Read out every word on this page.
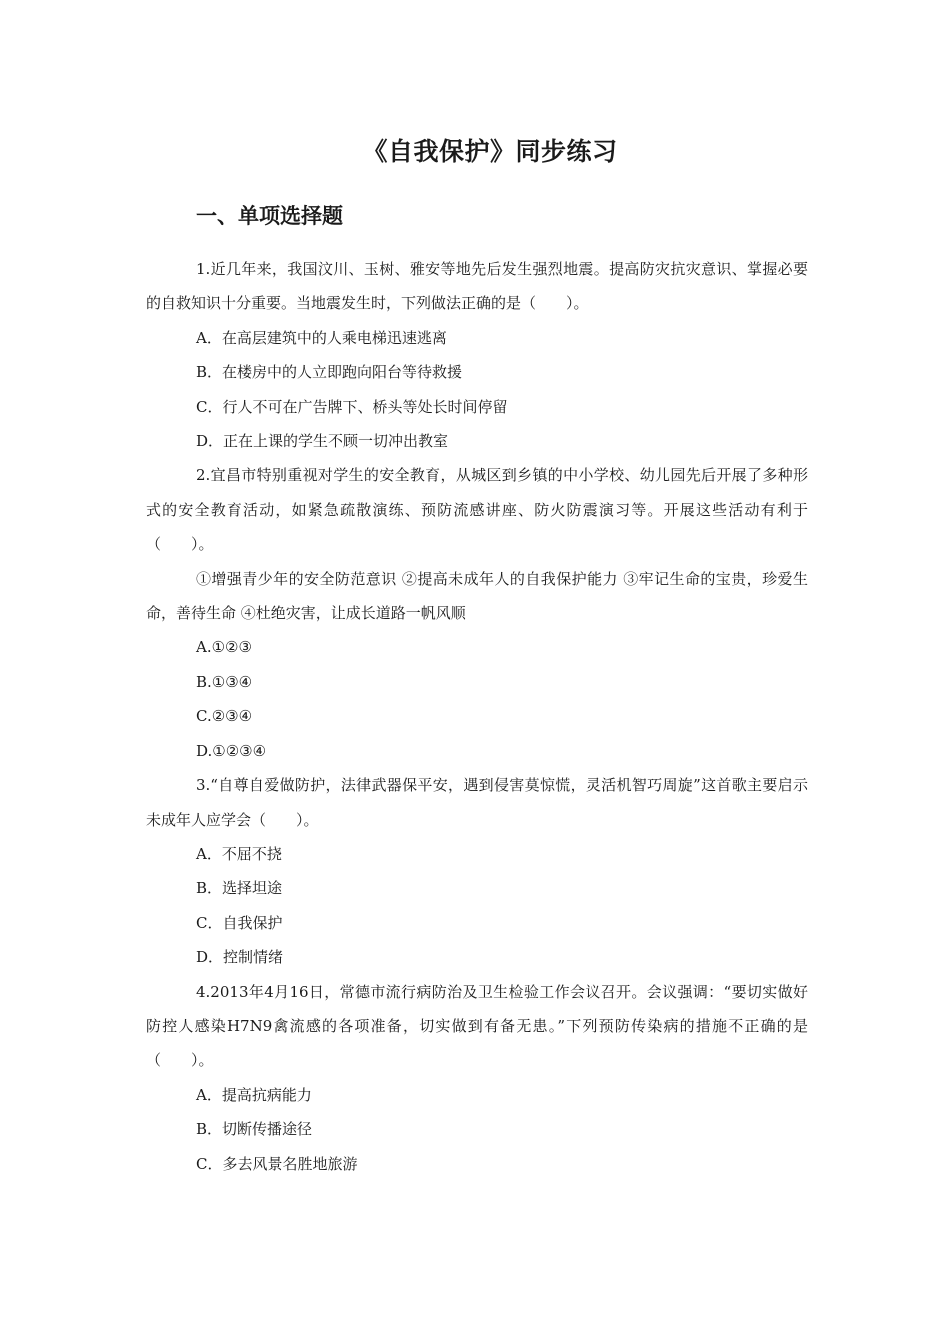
《自我保护》同步练习
一、单项选择题

1.近几年来，我国汶川、玉树、雅安等地先后发生强烈地震。提高防灾抗灾意识、掌握必要的自救知识十分重要。当地震发生时，下列做法正确的是（　　）。

A．在高层建筑中的人乘电梯迅速逃离

B．在楼房中的人立即跑向阳台等待救援

C．行人不可在广告牌下、桥头等处长时间停留

D．正在上课的学生不顾一切冲出教室

2.宜昌市特别重视对学生的安全教育，从城区到乡镇的中小学校、幼儿园先后开展了多种形式的安全教育活动，如紧急疏散演练、预防流感讲座、防火防震演习等。开展这些活动有利于（　　）。

①增强青少年的安全防范意识 ②提高未成年人的自我保护能力 ③牢记生命的宝贵，珍爱生命，善待生命 ④杜绝灾害，让成长道路一帆风顺

A.①②③

B.①③④

C.②③④

D.①②③④

3.“自尊自爱做防护，法律武器保平安，遇到侵害莫惊慌，灵活机智巧周旋”这首歌主要启示未成年人应学会（　　）。

A．不屈不挠

B．选择坦途

C．自我保护

D．控制情绪

4.2013年4月16日，常德市流行病防治及卫生检验工作会议召开。会议强调：“要切实做好防控人感染H7N9禽流感的各项准备，切实做到有备无患。”下列预防传染病的措施不正确的是（　　）。

A．提高抗病能力

B．切断传播途径

C．多去风景名胜地旅游
